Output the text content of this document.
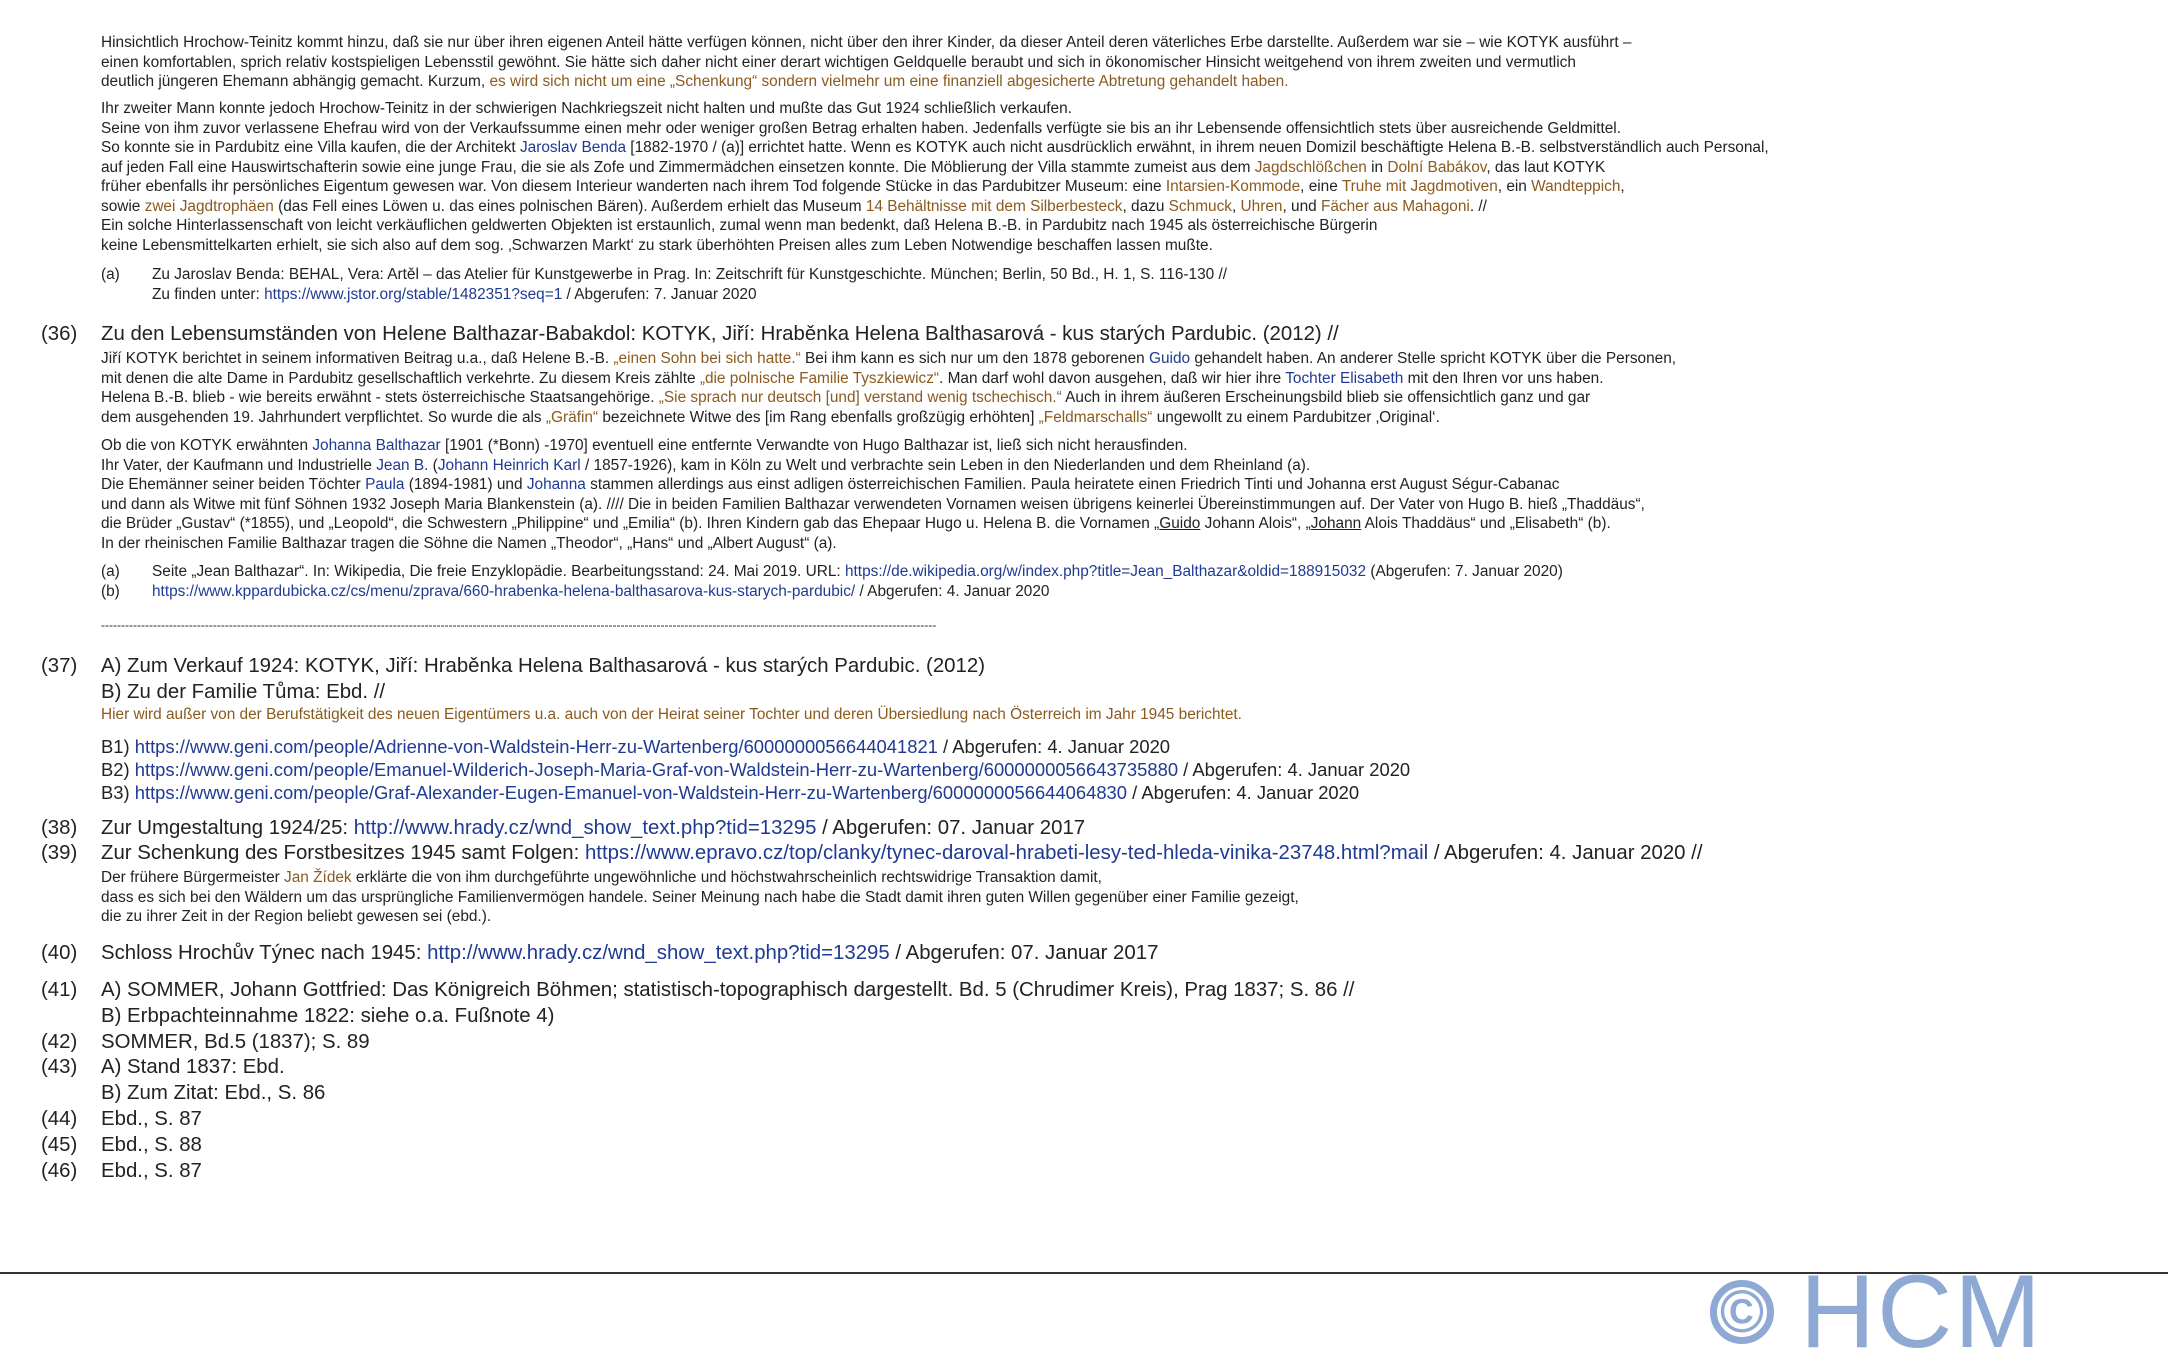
Hinsichtlich Hrochow-Teinitz kommt hinzu, daß sie nur über ihren eigenen Anteil hätte verfügen können, nicht über den ihrer Kinder, da dieser Anteil deren väterliches Erbe darstellte. Außerdem war sie – wie KOTYK ausführt –
einen komfortablen, sprich relativ kostspieligen Lebensstil gewöhnt. Sie hätte sich daher nicht einer derart wichtigen Geldquelle beraubt und sich in ökonomischer Hinsicht weitgehend von ihrem zweiten und vermutlich
deutlich jüngeren Ehemann abhängig gemacht. Kurzum, es wird sich nicht um eine „Schenkung“ sondern vielmehr um eine finanziell abgesicherte Abtretung gehandelt haben.
Ihr zweiter Mann konnte jedoch Hrochow-Teinitz in der schwierigen Nachkriegszeit nicht halten und mußte das Gut 1924 schließlich verkaufen.
Seine von ihm zuvor verlassene Ehefrau wird von der Verkaufssumme einen mehr oder weniger großen Betrag erhalten haben. Jedenfalls verfügte sie bis an ihr Lebensende offensichtlich stets über ausreichende Geldmittel.
So konnte sie in Pardubitz eine Villa kaufen, die der Architekt Jaroslav Benda [1882-1970 / (a)] errichtet hatte. Wenn es KOTYK auch nicht ausdrücklich erwähnt, in ihrem neuen Domizil beschäftigte Helena B.-B. selbstverständlich auch Personal,
auf jeden Fall eine Hauswirtschafterin sowie eine junge Frau, die sie als Zofe und Zimmermädchen einsetzen konnte. Die Möblierung der Villa stammte zumeist aus dem Jagdschlößchen in Dolní Babákov, das laut KOTYK
früher ebenfalls ihr persönliches Eigentum gewesen war. Von diesem Interieur wanderten nach ihrem Tod folgende Stücke in das Pardubitzer Museum: eine Intarsien-Kommode, eine Truhe mit Jagdmotiven, ein Wandteppich,
sowie zwei Jagdtrophäen (das Fell eines Löwen u. das eines polnischen Bären). Außerdem erhielt das Museum 14 Behältnisse mit dem Silberbesteck, dazu Schmuck, Uhren, und Fächer aus Mahagoni. //
Ein solche Hinterlassenschaft von leicht verkäuflichen geldwerten Objekten ist erstaunlich, zumal wenn man bedenkt, daß Helena B.-B. in Pardubitz nach 1945 als österreichische Bürgerin
keine Lebensmittelkarten erhielt, sie sich also auf dem sog. ‚Schwarzen Markt‘ zu stark überhöhten Preisen alles zum Leben Notwendige beschaffen lassen mußte.
(a) Zu Jaroslav Benda: BEHAL, Vera: Artěl – das Atelier für Kunstgewerbe in Prag. In: Zeitschrift für Kunstgeschichte. München; Berlin, 50 Bd., H. 1, S. 116-130 //
Zu finden unter: https://www.jstor.org/stable/1482351?seq=1 / Abgerufen: 7. Januar 2020
(36) Zu den Lebensumständen von Helene Balthazar-Babakdol: KOTYK, Jiří: Hraběnka Helena Balthasarová - kus starých Pardubic. (2012) //
Jiří KOTYK berichtet in seinem informativen Beitrag u.a., daß Helene B.-B. „einen Sohn bei sich hatte.“ Bei ihm kann es sich nur um den 1878 geborenen Guido gehandelt haben. An anderer Stelle spricht KOTYK über die Personen,
mit denen die alte Dame in Pardubitz gesellschaftlich verkehrte. Zu diesem Kreis zählte „die polnische Familie Tyszkiewicz“. Man darf wohl davon ausgehen, daß wir hier ihre Tochter Elisabeth mit den Ihren vor uns haben.
Helena B.-B. blieb - wie bereits erwähnt - stets österreichische Staatsangehörige. „Sie sprach nur deutsch [und] verstand wenig tschechisch.“ Auch in ihrem äußeren Erscheinungsbild blieb sie offensichtlich ganz und gar
dem ausgehenden 19. Jahrhundert verpflichtet. So wurde die als „Gräfin“ bezeichnete Witwe des [im Rang ebenfalls großzügig erhöhten] „Feldmarschalls“ ungewollt zu einem Pardubitzer ‚Original‘.
Ob die von KOTYK erwähnten Johanna Balthazar [1901 (*Bonn) -1970] eventuell eine entfernte Verwandte von Hugo Balthazar ist, ließ sich nicht herausfinden.
Ihr Vater, der Kaufmann und Industrielle Jean B. (Johann Heinrich Karl / 1857-1926), kam in Köln zu Welt und verbrachte sein Leben in den Niederlanden und dem Rheinland (a).
Die Ehemänner seiner beiden Töchter Paula (1894-1981) und Johanna stammen allerdings aus einst adligen österreichischen Familien. Paula heiratete einen Friedrich Tinti und Johanna erst August Ségur-Cabanac
und dann als Witwe mit fünf Söhnen 1932 Joseph Maria Blankenstein (a). //// Die in beiden Familien Balthazar verwendeten Vornamen weisen übrigens keinerlei Übereinstimmungen auf. Der Vater von Hugo B. hieß „Thaddäus“,
die Brüder „Gustav“ (*1855), und „Leopold“, die Schwestern „Philippine“ und „Emilia“ (b). Ihren Kindern gab das Ehepaar Hugo u. Helena B. die Vornamen „Guido Johann Alois“, „Johann Alois Thaddäus“ und „Elisabeth“ (b).
In der rheinischen Familie Balthazar tragen die Söhne die Namen „Theodor“, „Hans“ und „Albert August“ (a).
(a) Seite „Jean Balthazar“. In: Wikipedia, Die freie Enzyklopädie. Bearbeitungsstand: 24. Mai 2019. URL: https://de.wikipedia.org/w/index.php?title=Jean_Balthazar&oldid=188915032 (Abgerufen: 7. Januar 2020)
(b) https://www.kppardubicka.cz/cs/menu/zprava/660-hrabenka-helena-balthasarova-kus-starych-pardubic/ / Abgerufen: 4. Januar 2020
-----------------------------------------------------------------------------------------------------------------------------------------------------------------------------------------------------------------
(37) A) Zum Verkauf 1924: KOTYK, Jiří: Hraběnka Helena Balthasarová - kus starých Pardubic. (2012)
B) Zu der Familie Tůma: Ebd. //
Hier wird außer von der Berufstätigkeit des neuen Eigentümers u.a. auch von der Heirat seiner Tochter und deren Übersiedlung nach Österreich im Jahr 1945 berichtet.
B1) https://www.geni.com/people/Adrienne-von-Waldstein-Herr-zu-Wartenberg/6000000056644041821 / Abgerufen: 4. Januar 2020
B2) https://www.geni.com/people/Emanuel-Wilderich-Joseph-Maria-Graf-von-Waldstein-Herr-zu-Wartenberg/6000000056643735880 / Abgerufen: 4. Januar 2020
B3) https://www.geni.com/people/Graf-Alexander-Eugen-Emanuel-von-Waldstein-Herr-zu-Wartenberg/6000000056644064830 / Abgerufen: 4. Januar 2020
(38) Zur Umgestaltung 1924/25: http://www.hrady.cz/wnd_show_text.php?tid=13295 / Abgerufen: 07. Januar 2017
(39) Zur Schenkung des Forstbesitzes 1945 samt Folgen: https://www.epravo.cz/top/clanky/tynec-daroval-hrabeti-lesy-ted-hleda-vinika-23748.html?mail / Abgerufen: 4. Januar 2020 //
Der frühere Bürgermeister Jan Žídek erklärte die von ihm durchgeführte ungewöhnliche und höchstwahrscheinlich rechtswidrige Transaktion damit,
dass es sich bei den Wäldern um das ursprüngliche Familienvermögen handele. Seiner Meinung nach habe die Stadt damit ihren guten Willen gegenüber einer Familie gezeigt,
die zu ihrer Zeit in der Region beliebt gewesen sei (ebd.).
(40) Schloss Hrochův Týnec nach 1945: http://www.hrady.cz/wnd_show_text.php?tid=13295 / Abgerufen: 07. Januar 2017
(41) A) SOMMER, Johann Gottfried: Das Königreich Böhmen; statistisch-topographisch dargestellt. Bd. 5 (Chrudimer Kreis), Prag 1837; S. 86 //
B) Erbpachteinnahme 1822: siehe o.a. Fußnote 4)
(42) SOMMER, Bd.5 (1837); S. 89
(43) A) Stand 1837: Ebd.
B) Zum Zitat: Ebd., S. 86
(44) Ebd., S. 87
(45) Ebd., S. 88
(46) Ebd., S. 87
© HCM
